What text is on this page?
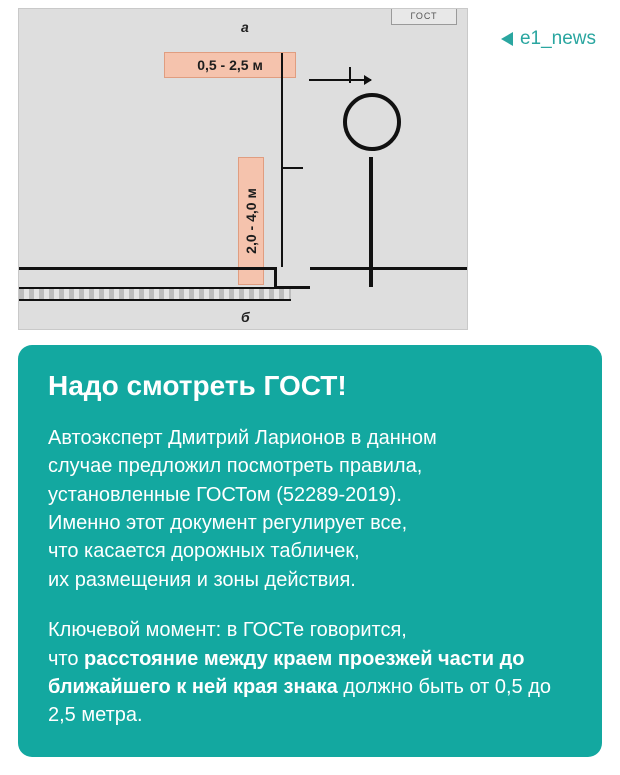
а
ГОСТ
0,5 - 2,5 м
2,0 - 4,0 м
б
e1_news
Надо смотреть ГОСТ!

Автоэксперт Дмитрий Ларионов в данном
случае предложил посмотреть правила,
установленные ГОСТом (52289-2019).
Именно этот документ регулирует все,
что касается дорожных табличек,
их размещения и зоны действия.

Ключевой момент: в ГОСТе говорится,
что расстояние между краем проезжей части до ближайшего к ней края знака должно быть от 0,5 до 2,5 метра.
